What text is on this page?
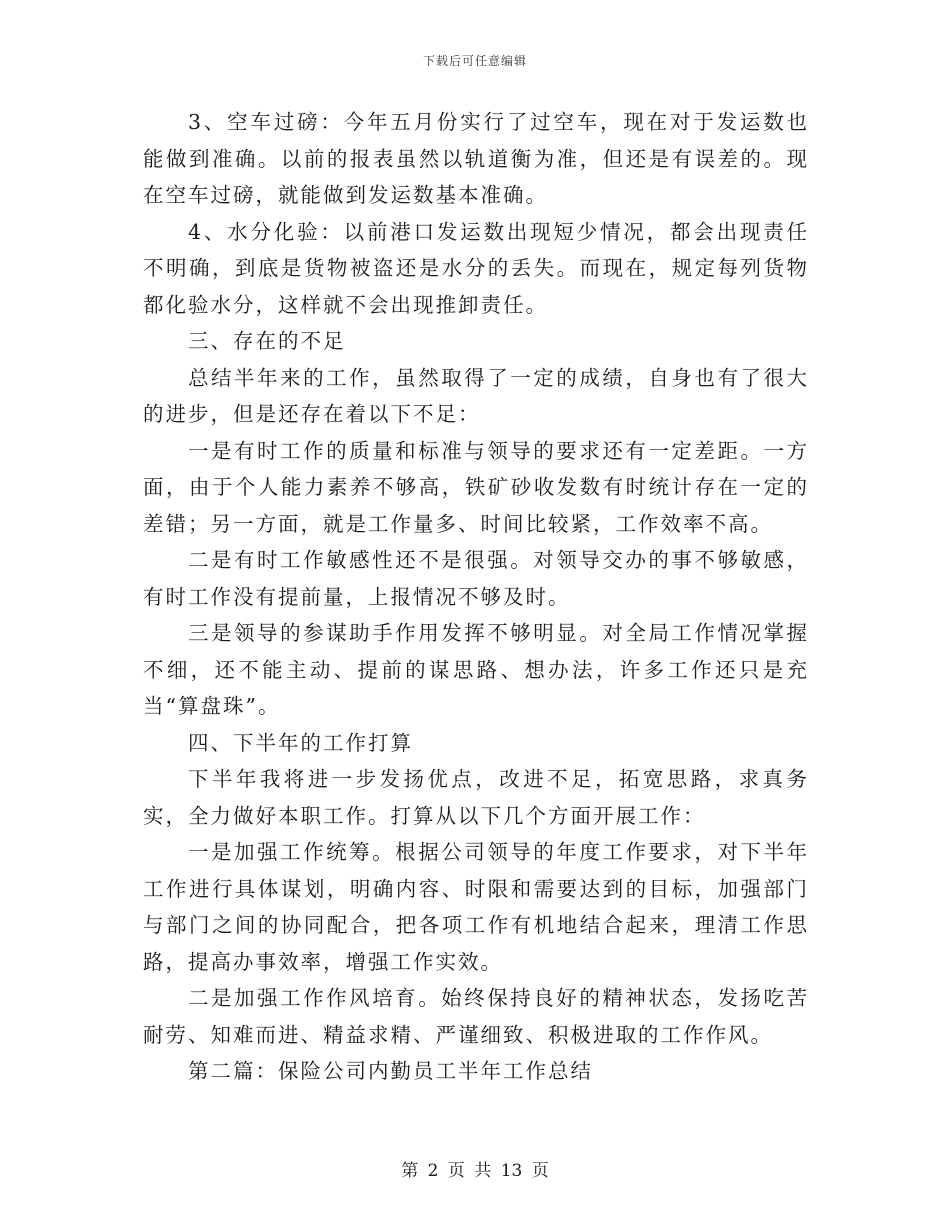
下载后可任意编辑

3、空车过磅：今年五月份实行了过空车，现在对于发运数也能做到准确。以前的报表虽然以轨道衡为准，但还是有误差的。现在空车过磅，就能做到发运数基本准确。

4、水分化验：以前港口发运数出现短少情况，都会出现责任不明确，到底是货物被盗还是水分的丢失。而现在，规定每列货物都化验水分，这样就不会出现推卸责任。

三、存在的不足

总结半年来的工作，虽然取得了一定的成绩，自身也有了很大的进步，但是还存在着以下不足：

一是有时工作的质量和标准与领导的要求还有一定差距。一方面，由于个人能力素养不够高，铁矿砂收发数有时统计存在一定的差错；另一方面，就是工作量多、时间比较紧，工作效率不高。

二是有时工作敏感性还不是很强。对领导交办的事不够敏感，有时工作没有提前量，上报情况不够及时。

三是领导的参谋助手作用发挥不够明显。对全局工作情况掌握不细，还不能主动、提前的谋思路、想办法，许多工作还只是充当“算盘珠”。

四、下半年的工作打算

下半年我将进一步发扬优点，改进不足，拓宽思路，求真务实，全力做好本职工作。打算从以下几个方面开展工作：

一是加强工作统筹。根据公司领导的年度工作要求，对下半年工作进行具体谋划，明确内容、时限和需要达到的目标，加强部门与部门之间的协同配合，把各项工作有机地结合起来，理清工作思路，提高办事效率，增强工作实效。

二是加强工作作风培育。始终保持良好的精神状态，发扬吃苦耐劳、知难而进、精益求精、严谨细致、积极进取的工作作风。

第二篇：保险公司内勤员工半年工作总结

第 2 页 共 13 页
